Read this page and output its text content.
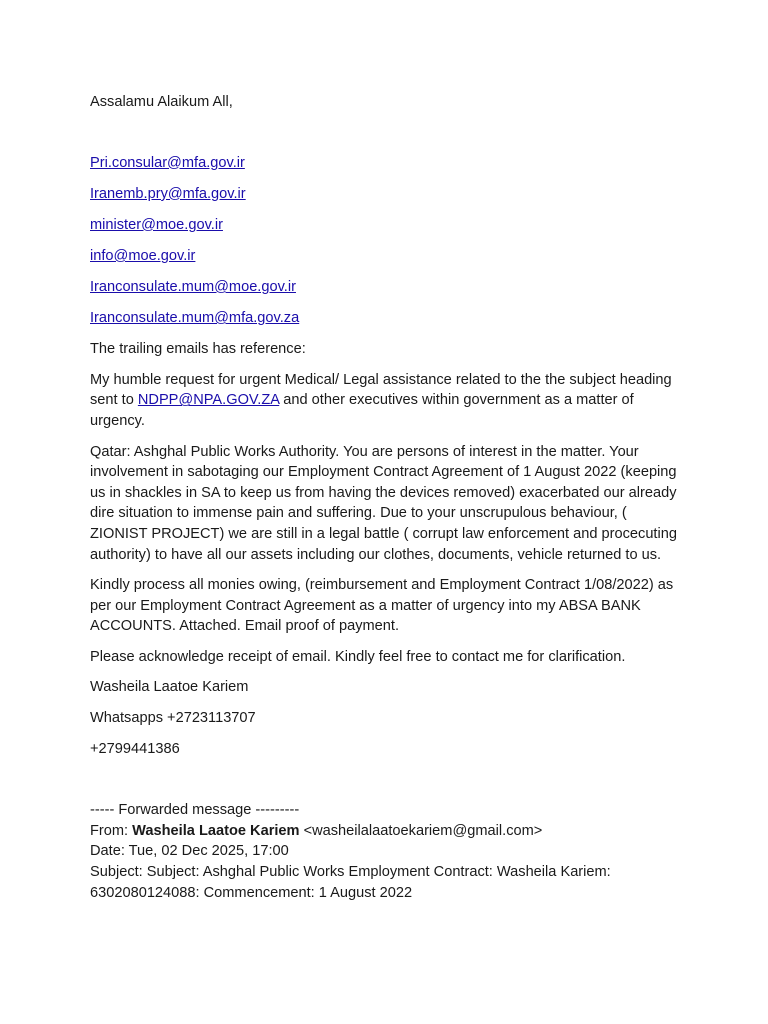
Assalamu Alaikum All,
Pri.consular@mfa.gov.ir
Iranemb.pry@mfa.gov.ir
minister@moe.gov.ir
info@moe.gov.ir
Iranconsulate.mum@moe.gov.ir
Iranconsulate.mum@mfa.gov.za

The trailing emails has reference:

My humble request for urgent Medical/ Legal assistance related to the the subject heading sent to NDPP@NPA.GOV.ZA and other executives within government as a matter of urgency.

Qatar: Ashghal Public Works Authority. You are persons of interest in the matter. Your involvement in sabotaging our Employment Contract Agreement of 1 August 2022 (keeping us in shackles in SA to keep us from having the devices removed) exacerbated our already dire situation to immense pain and suffering. Due to your unscrupulous behaviour, ( ZIONIST PROJECT) we are still in a legal battle ( corrupt law enforcement and procecuting authority) to have all our assets including our clothes, documents, vehicle returned to us.

Kindly process all monies owing, (reimbursement and Employment Contract 1/08/2022) as per our Employment Contract Agreement as a matter of urgency into my ABSA BANK ACCOUNTS. Attached. Email proof of payment.

Please acknowledge receipt of email. Kindly feel free to contact me for clarification.

Washeila Laatoe Kariem

Whatsapps +2723113707

+2799441386

----- Forwarded message ---------
From: Washeila Laatoe Kariem <washeilalaatoekariem@gmail.com>
Date: Tue, 02 Dec 2025, 17:00
Subject: Subject: Ashghal Public Works Employment Contract: Washeila Kariem: 6302080124088: Commencement: 1 August 2022
